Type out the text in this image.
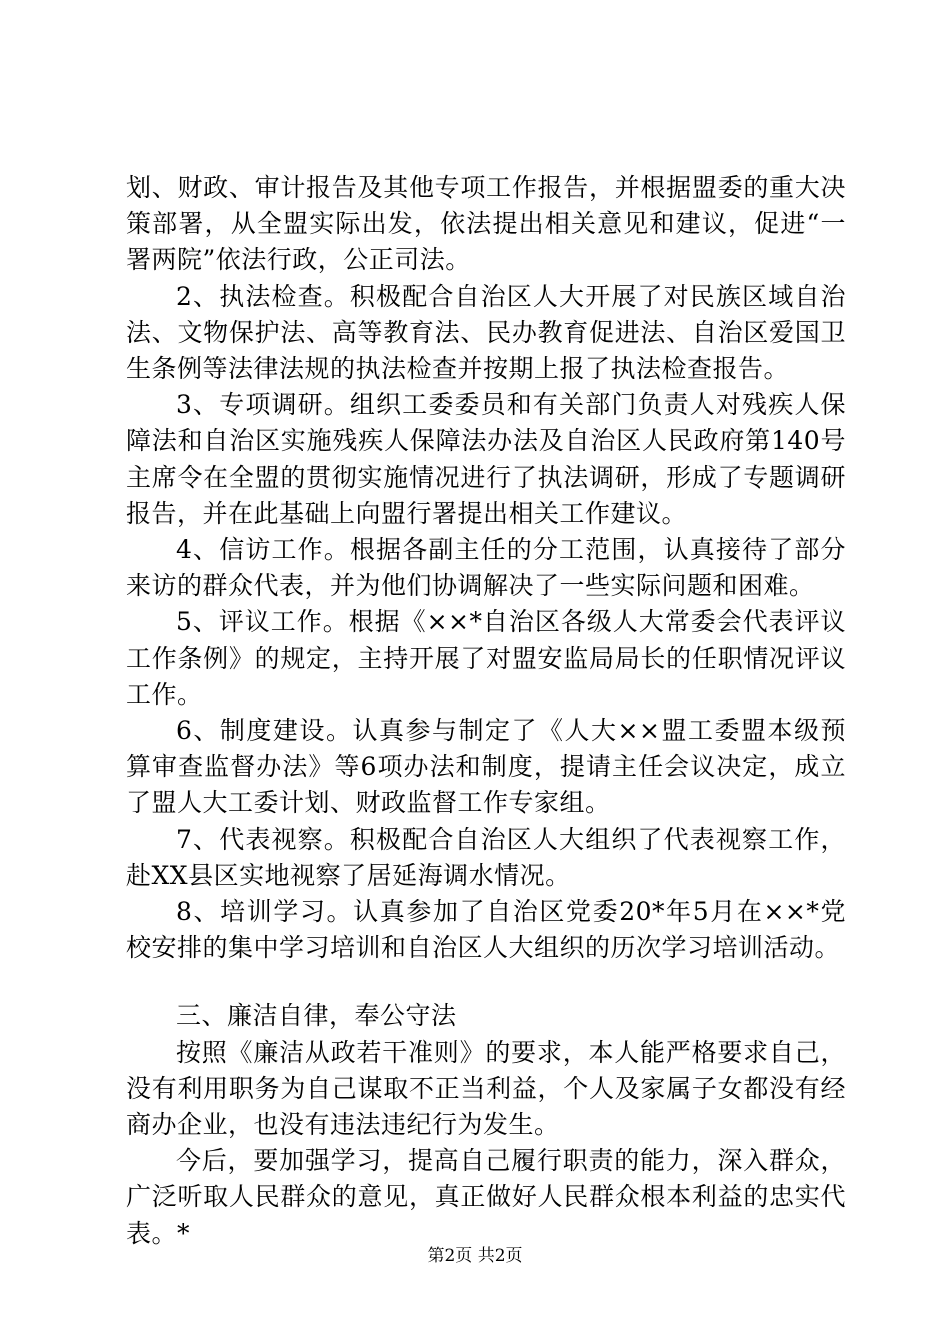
划、财政、审计报告及其他专项工作报告，并根据盟委的重大决策部署，从全盟实际出发，依法提出相关意见和建议，促进“一署两院”依法行政，公正司法。

2、执法检查。积极配合自治区人大开展了对民族区域自治法、文物保护法、高等教育法、民办教育促进法、自治区爱国卫生条例等法律法规的执法检查并按期上报了执法检查报告。

3、专项调研。组织工委委员和有关部门负责人对残疾人保障法和自治区实施残疾人保障法办法及自治区人民政府第140号主席令在全盟的贯彻实施情况进行了执法调研，形成了专题调研报告，并在此基础上向盟行署提出相关工作建议。

4、信访工作。根据各副主任的分工范围，认真接待了部分来访的群众代表，并为他们协调解决了一些实际问题和困难。

5、评议工作。根据《××*自治区各级人大常委会代表评议工作条例》的规定，主持开展了对盟安监局局长的任职情况评议工作。

6、制度建设。认真参与制定了《人大××盟工委盟本级预算审查监督办法》等6项办法和制度，提请主任会议决定，成立了盟人大工委计划、财政监督工作专家组。

7、代表视察。积极配合自治区人大组织了代表视察工作，赴XX县区实地视察了居延海调水情况。

8、培训学习。认真参加了自治区党委20*年5月在××*党校安排的集中学习培训和自治区人大组织的历次学习培训活动。

三、廉洁自律，奉公守法

按照《廉洁从政若干准则》的要求，本人能严格要求自己，没有利用职务为自己谋取不正当利益，个人及家属子女都没有经商办企业，也没有违法违纪行为发生。

今后，要加强学习，提高自己履行职责的能力，深入群众，广泛听取人民群众的意见，真正做好人民群众根本利益的忠实代表。*

第2页 共2页
